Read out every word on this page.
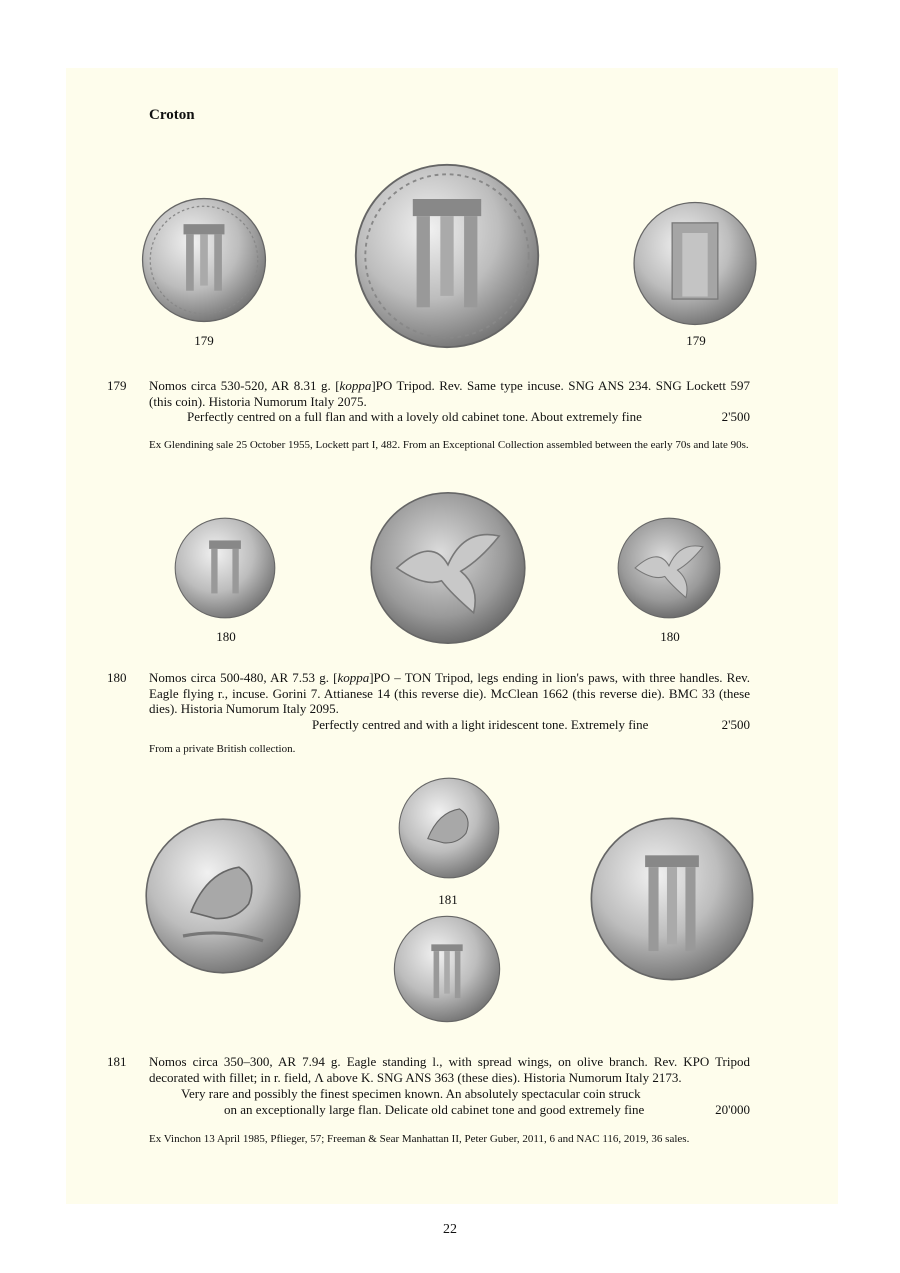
Croton
179	179
179 Nomos circa 530-520, AR 8.31 g. [koppa]PO Tripod. Rev. Same type incuse. SNG ANS 234. SNG Lockett 597 (this coin). Historia Numorum Italy 2075.
Perfectly centred on a full flan and with a lovely old cabinet tone. About extremely fine	2'500
Ex Glendining sale 25 October 1955, Lockett part I, 482. From an Exceptional Collection assembled between the early 70s and late 90s.
180	180
180 Nomos circa 500-480, AR 7.53 g. [koppa]PO – TON Tripod, legs ending in lion's paws, with three handles. Rev. Eagle flying r., incuse. Gorini 7. Attianese 14 (this reverse die). McClean 1662 (this reverse die). BMC 33 (these dies). Historia Numorum Italy 2095.
Perfectly centred and with a light iridescent tone. Extremely fine	2'500
From a private British collection.
181
181 Nomos circa 350–300, AR 7.94 g. Eagle standing l., with spread wings, on olive branch. Rev. KPO Tripod decorated with fillet; in r. field, Λ above K. SNG ANS 363 (these dies). Historia Numorum Italy 2173.
Very rare and possibly the finest specimen known. An absolutely spectacular coin struck
on an exceptionally large flan. Delicate old cabinet tone and good extremely fine	20'000
Ex Vinchon 13 April 1985, Pflieger, 57; Freeman & Sear Manhattan II, Peter Guber, 2011, 6 and NAC 116, 2019, 36 sales.
22
